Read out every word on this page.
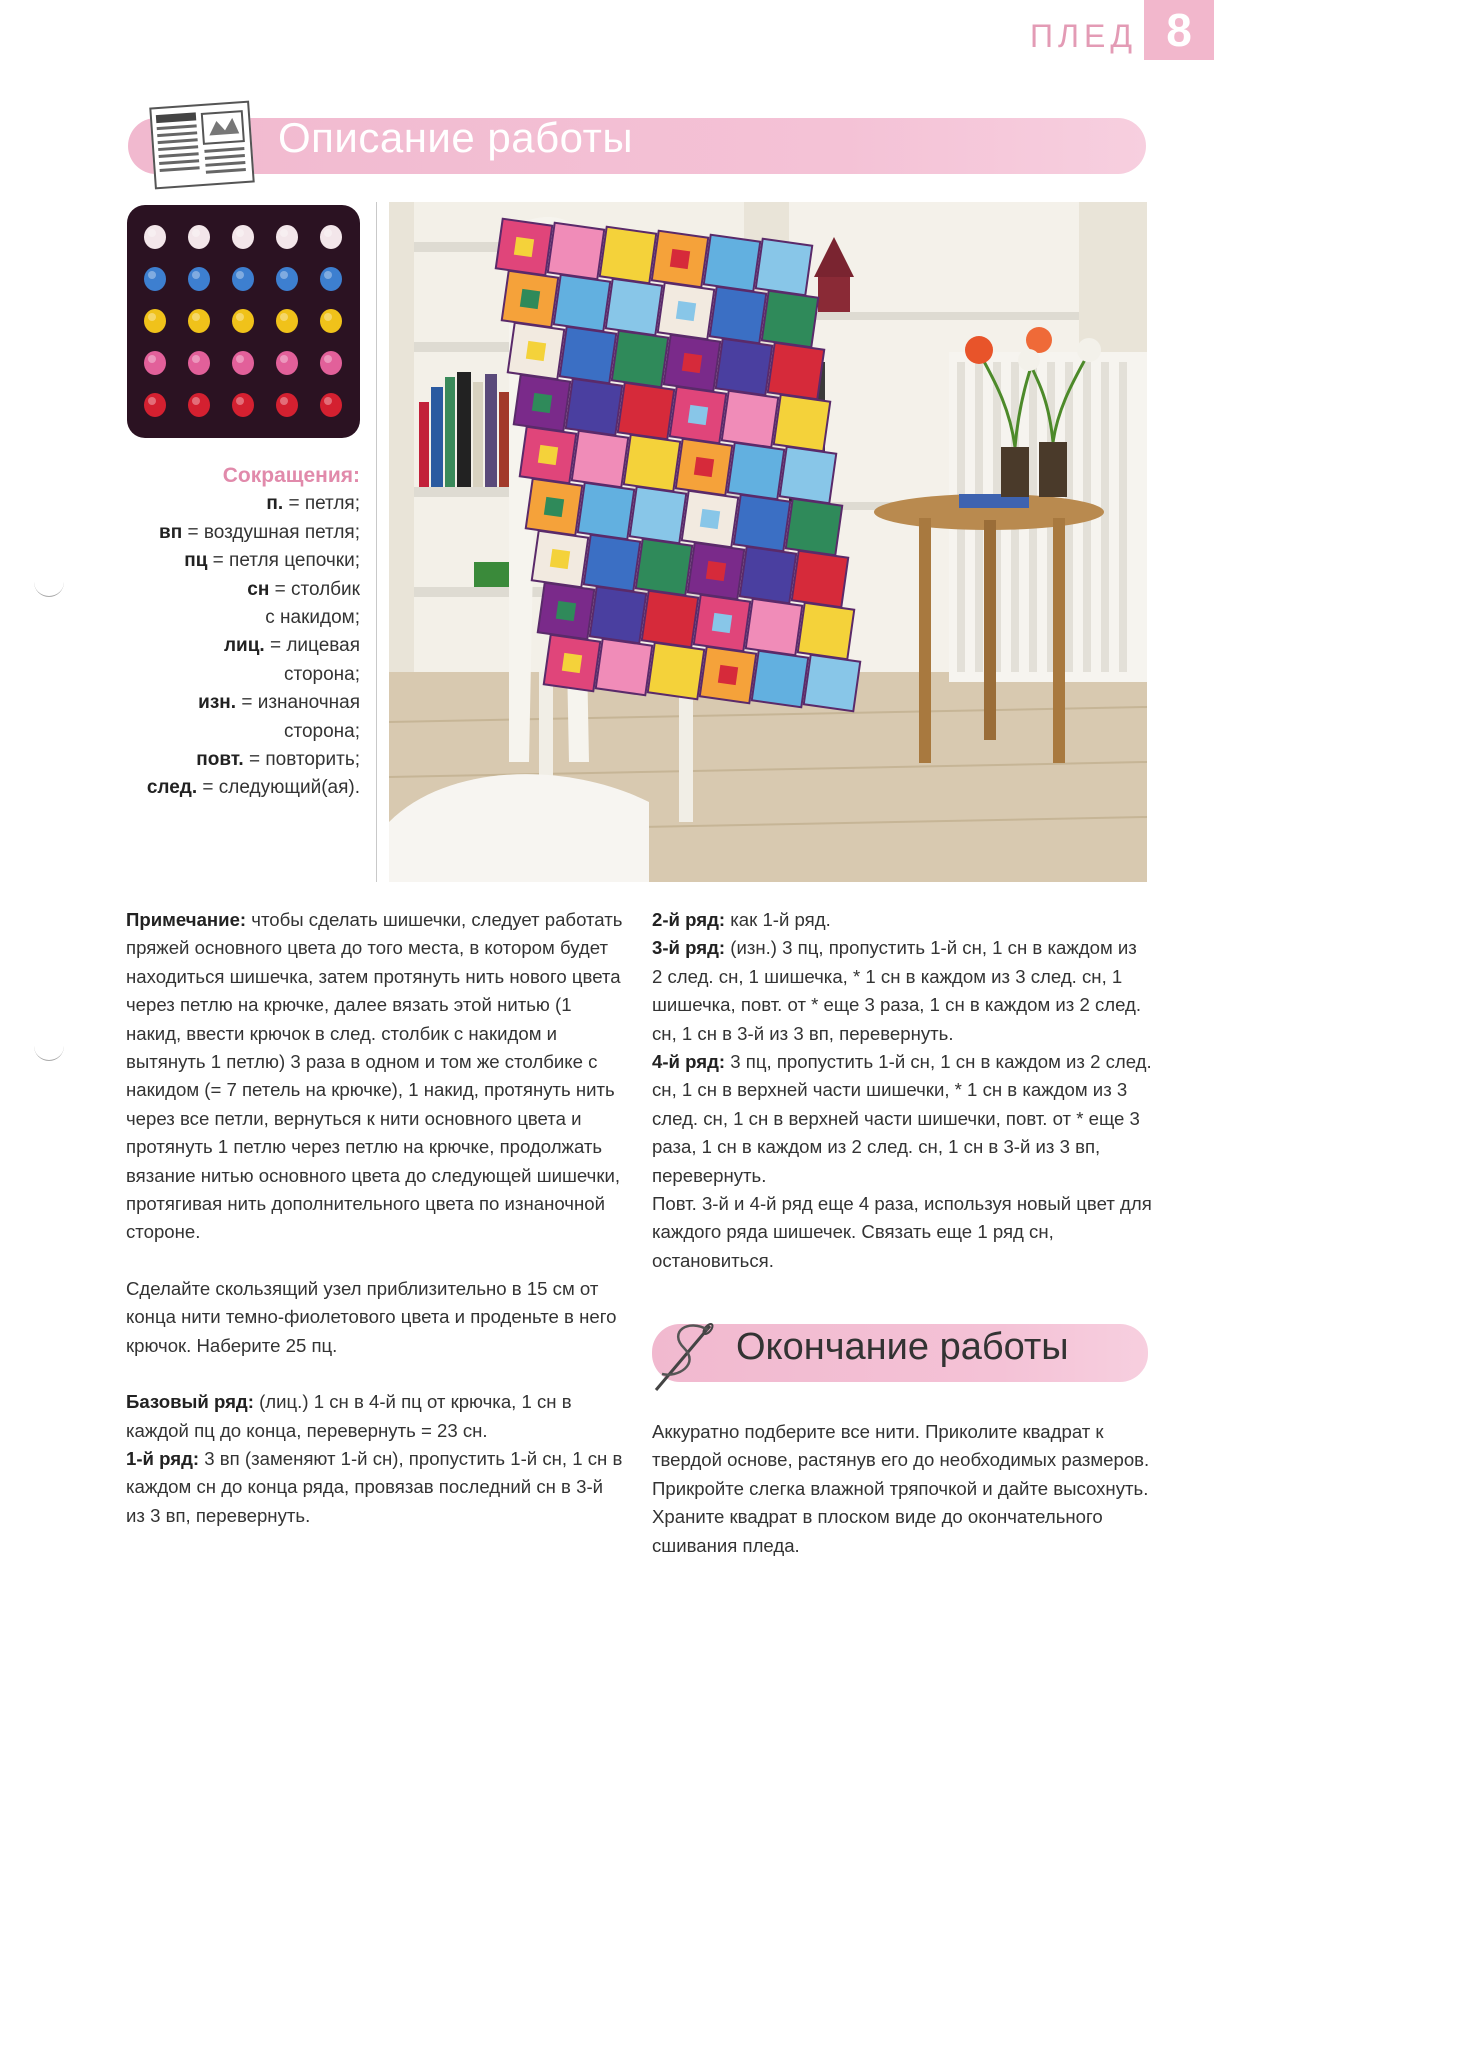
ПЛЕД 8
Описание работы
Сокращения:
п. = петля;
вп = воздушная петля;
пц = петля цепочки;
сн = столбик
с накидом;
лиц. = лицевая
сторона;
изн. = изнаночная
сторона;
повт. = повторить;
след. = следующий(ая).

Примечание: чтобы сделать шишечки, следует работать пряжей основного цвета до того места, в котором будет находиться шишечка, затем протянуть нить нового цвета через петлю на крючке, далее вязать этой нитью (1 накид, ввести крючок в след. столбик с накидом и вытянуть 1 петлю) 3 раза в одном и том же столбике с накидом (= 7 петель на крючке), 1 накид, протянуть нить через все петли, вернуться к нити основного цвета и протянуть 1 петлю через петлю на крючке, продолжать вязание нитью основного цвета до следующей шишечки, протягивая нить дополнительного цвета по изнаночной стороне.

Сделайте скользящий узел приблизительно в 15 см от конца нити темно-фиолетового цвета и проденьте в него крючок. Наберите 25 пц.

Базовый ряд: (лиц.) 1 сн в 4-й пц от крючка, 1 сн в каждой пц до конца, перевернуть = 23 сн.

1-й ряд: 3 вп (заменяют 1-й сн), пропустить 1-й сн, 1 сн в каждом сн до конца ряда, провязав последний сн в 3-й из 3 вп, перевернуть.

2-й ряд: как 1-й ряд.

3-й ряд: (изн.) 3 пц, пропустить 1-й сн, 1 сн в каждом из 2 след. сн, 1 шишечка, * 1 сн в каждом из 3 след. сн, 1 шишечка, повт. от * еще 3 раза, 1 сн в каждом из 2 след. сн, 1 сн в 3-й из 3 вп, перевернуть.

4-й ряд: 3 пц, пропустить 1-й сн, 1 сн в каждом из 2 след. сн, 1 сн в верхней части шишечки, * 1 сн в каждом из 3 след. сн, 1 сн в верхней части шишечки, повт. от * еще 3 раза, 1 сн в каждом из 2 след. сн, 1 сн в 3-й из 3 вп, перевернуть.

Повт. 3-й и 4-й ряд еще 4 раза, используя новый цвет для каждого ряда шишечек. Связать еще 1 ряд сн, остановиться.

Окончание работы
Аккуратно подберите все нити. Приколите квадрат к твердой основе, растянув его до необходимых размеров. Прикройте слегка влажной тряпочкой и дайте высохнуть. Храните квадрат в плоском виде до окончательного сшивания пледа.
